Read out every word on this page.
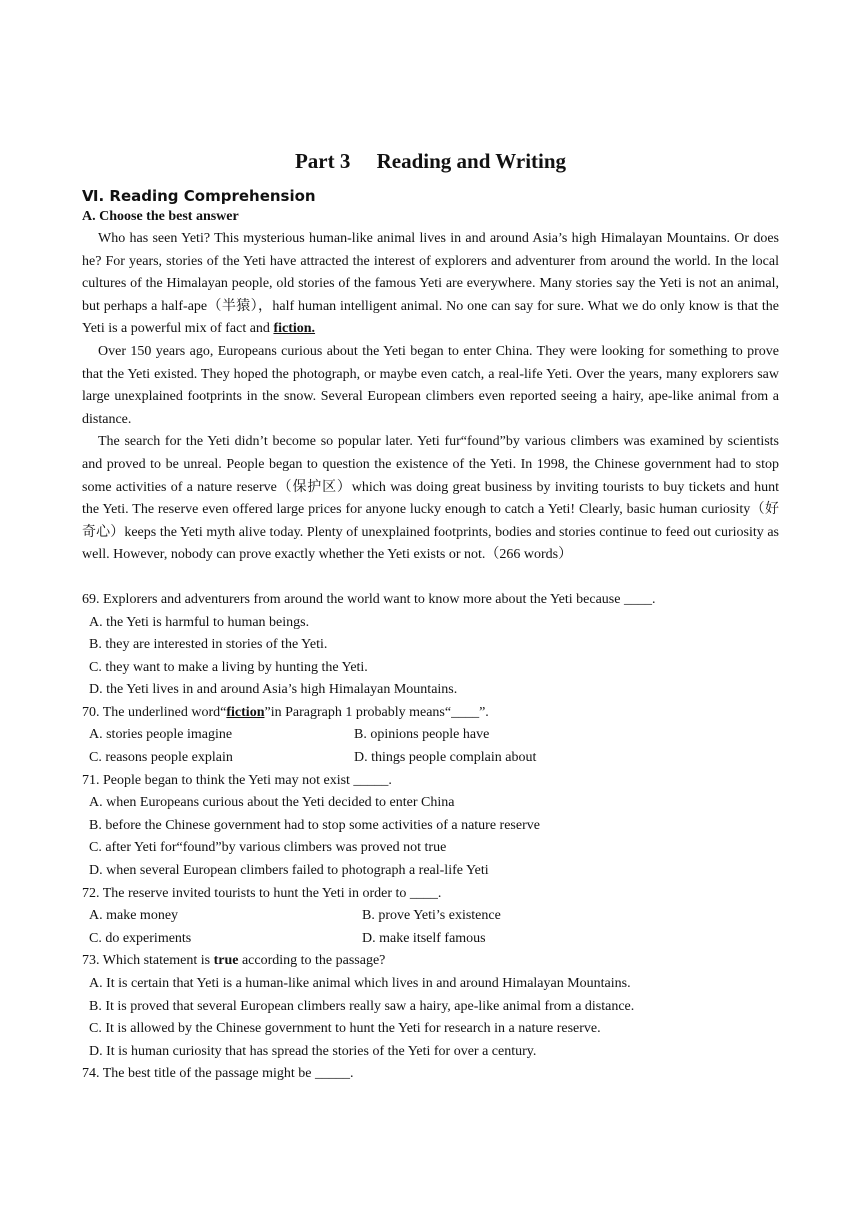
Part 3　 Reading and Writing
Ⅵ. Reading Comprehension
A. Choose the best answer

Who has seen Yeti? This mysterious human-like animal lives in and around Asia’s high Himalayan Mountains. Or does he? For years, stories of the Yeti have attracted the interest of explorers and adventurer from around the world. In the local cultures of the Himalayan people, old stories of the famous Yeti are everywhere. Many stories say the Yeti is not an animal, but perhaps a half-ape（半猿），half human intelligent animal. No one can say for sure. What we do only know is that the Yeti is a powerful mix of fact and fiction.

Over 150 years ago, Europeans curious about the Yeti began to enter China. They were looking for something to prove that the Yeti existed. They hoped the photograph, or maybe even catch, a real-life Yeti. Over the years, many explorers saw large unexplained footprints in the snow. Several European climbers even reported seeing a hairy, ape-like animal from a distance.

The search for the Yeti didn’t become so popular later. Yeti fur“found”by various climbers was examined by scientists and proved to be unreal. People began to question the existence of the Yeti. In 1998, the Chinese government had to stop some activities of a nature reserve（保护区）which was doing great business by inviting tourists to buy tickets and hunt the Yeti. The reserve even offered large prices for anyone lucky enough to catch a Yeti! Clearly, basic human curiosity（好奇心）keeps the Yeti myth alive today. Plenty of unexplained footprints, bodies and stories continue to feed out curiosity as well. However, nobody can prove exactly whether the Yeti exists or not.（266 words）

69. Explorers and adventurers from around the world want to know more about the Yeti because ____.

A. the Yeti is harmful to human beings.

B. they are interested in stories of the Yeti.

C. they want to make a living by hunting the Yeti.

D. the Yeti lives in and around Asia’s high Himalayan Mountains.

70. The underlined word“fiction”in Paragraph 1 probably means“____”.

A. stories people imagine	B. opinions people have
C. reasons people explain	D. things people complain about

71. People began to think the Yeti may not exist _____.

A. when Europeans curious about the Yeti decided to enter China

B. before the Chinese government had to stop some activities of a nature reserve

C. after Yeti for“found”by various climbers was proved not true

D. when several European climbers failed to photograph a real-life Yeti

72. The reserve invited tourists to hunt the Yeti in order to ____.

A. make money	B. prove Yeti’s existence
C. do experiments	D. make itself famous

73. Which statement is true according to the passage?

A. It is certain that Yeti is a human-like animal which lives in and around Himalayan Mountains.

B. It is proved that several European climbers really saw a hairy, ape-like animal from a distance.

C. It is allowed by the Chinese government to hunt the Yeti for research in a nature reserve.

D. It is human curiosity that has spread the stories of the Yeti for over a century.

74. The best title of the passage might be _____.
